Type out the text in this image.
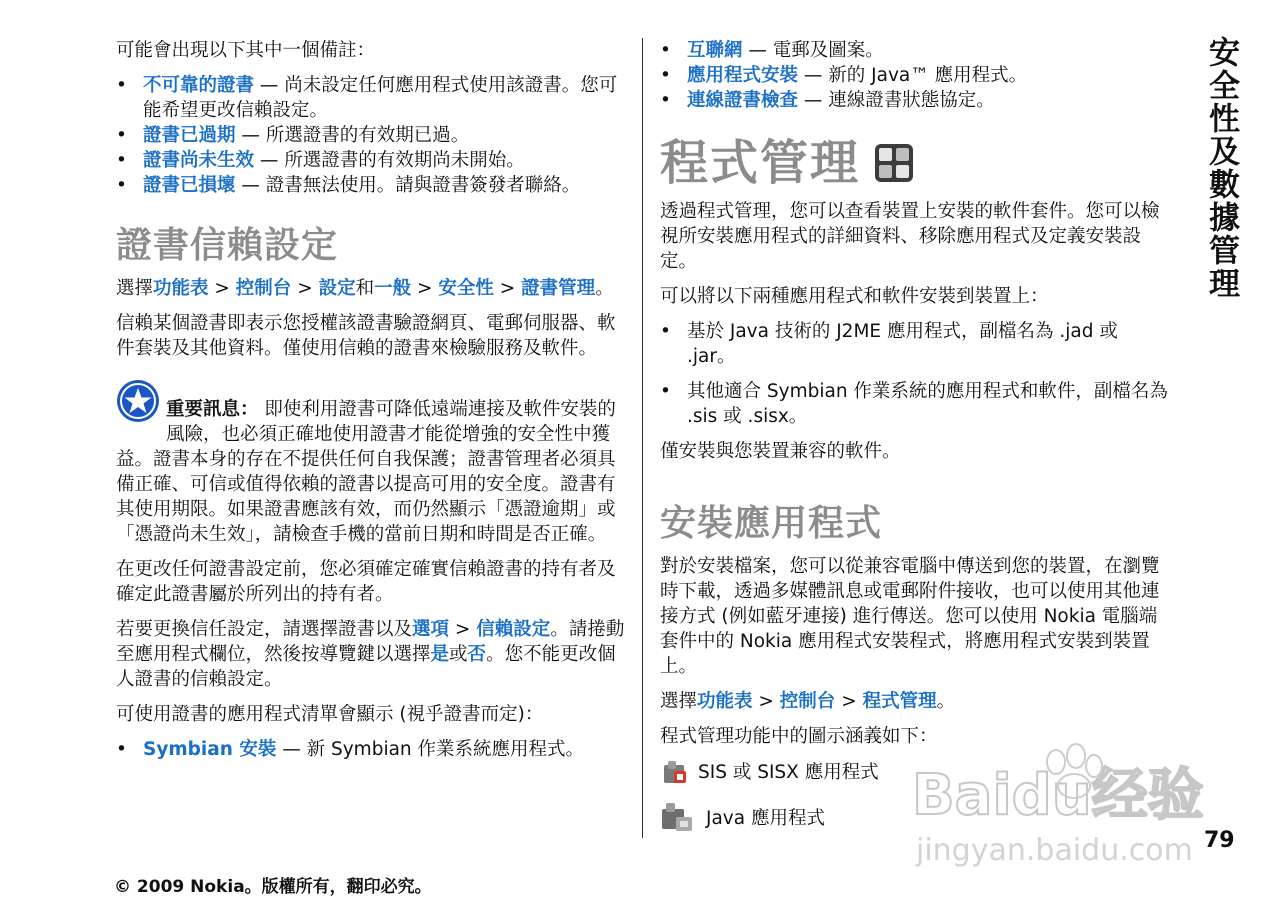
可能會出現以下其中一個備註：

• 不可靠的證書 — 尚未設定任何應用程式使用該證書。您可能希望更改信賴設定。
• 證書已過期 — 所選證書的有效期已過。
• 證書尚未生效 — 所選證書的有效期尚未開始。
• 證書已損壞 — 證書無法使用。請與證書簽發者聯絡。
證書信賴設定

選擇功能表 > 控制台 > 設定和一般 > 安全性 > 證書管理。

信賴某個證書即表示您授權該證書驗證網頁、電郵伺服器、軟件套裝及其他資料。僅使用信賴的證書來檢驗服務及軟件。

重要訊息： 即使利用證書可降低遠端連接及軟件安裝的風險，也必須正確地使用證書才能從增強的安全性中獲益。證書本身的存在不提供任何自我保護；證書管理者必須具備正確、可信或值得依賴的證書以提高可用的安全度。證書有其使用期限。如果證書應該有效，而仍然顯示「憑證逾期」或「憑證尚未生效」，請檢查手機的當前日期和時間是否正確。

在更改任何證書設定前，您必須確定確實信賴證書的持有者及確定此證書屬於所列出的持有者。

若要更換信任設定，請選擇證書以及選項 > 信賴設定。請捲動至應用程式欄位，然後按導覽鍵以選擇是或否。您不能更改個人證書的信賴設定。

可使用證書的應用程式清單會顯示 (視乎證書而定)：

• Symbian 安裝 — 新 Symbian 作業系統應用程式。
• 互聯網 — 電郵及圖案。
• 應用程式安裝 — 新的 Java™ 應用程式。
• 連線證書檢查 — 連線證書狀態協定。
程式管理

透過程式管理，您可以查看裝置上安裝的軟件套件。您可以檢視所安裝應用程式的詳細資料、移除應用程式及定義安裝設定。

可以將以下兩種應用程式和軟件安裝到裝置上：

• 基於 Java 技術的 J2ME 應用程式，副檔名為 .jad 或 .jar。
• 其他適合 Symbian 作業系統的應用程式和軟件，副檔名為 .sis 或 .sisx。

僅安裝與您裝置兼容的軟件。

安裝應用程式

對於安裝檔案，您可以從兼容電腦中傳送到您的裝置，在瀏覽時下載，透過多媒體訊息或電郵附件接收，也可以使用其他連接方式 (例如藍牙連接) 進行傳送。您可以使用 Nokia 電腦端套件中的 Nokia 應用程式安裝程式，將應用程式安裝到裝置上。

選擇功能表 > 控制台 > 程式管理。

程式管理功能中的圖示涵義如下：

SIS 或 SISX 應用程式
Java 應用程式
安全性及數據管理
79
© 2009 Nokia。版權所有，翻印必究。
Baidu经验
jingyan.baidu.com
